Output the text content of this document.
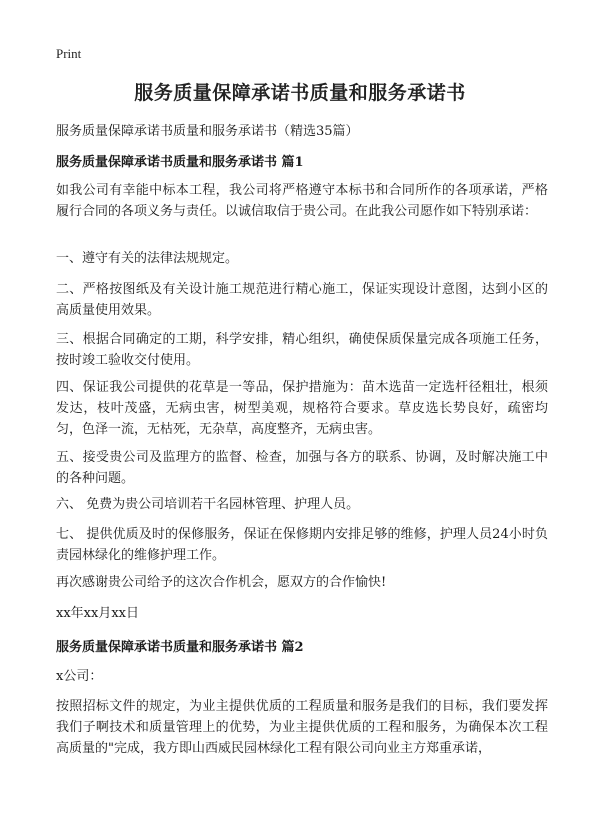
Print
服务质量保障承诺书质量和服务承诺书
服务质量保障承诺书质量和服务承诺书（精选35篇）
服务质量保障承诺书质量和服务承诺书 篇1
如我公司有幸能中标本工程，我公司将严格遵守本标书和合同所作的各项承诺，严格履行合同的各项义务与责任。以诚信取信于贵公司。在此我公司愿作如下特别承诺：
一、遵守有关的法律法规规定。
二、严格按图纸及有关设计施工规范进行精心施工，保证实现设计意图，达到小区的高质量使用效果。
三、根据合同确定的工期，科学安排，精心组织，确使保质保量完成各项施工任务，按时竣工验收交付使用。
四、保证我公司提供的花草是一等品，保护措施为：苗木选苗一定选杆径粗壮，根须发达，枝叶茂盛，无病虫害，树型美观，规格符合要求。草皮选长势良好，疏密均匀，色泽一流，无枯死，无杂草，高度整齐，无病虫害。
五、接受贵公司及监理方的监督、检查，加强与各方的联系、协调，及时解决施工中的各种问题。
六、 免费为贵公司培训若干名园林管理、护理人员。
七、 提供优质及时的保修服务，保证在保修期内安排足够的维修，护理人员24小时负责园林绿化的维修护理工作。
再次感谢贵公司给予的这次合作机会，愿双方的合作愉快!
xx年xx月xx日
服务质量保障承诺书质量和服务承诺书 篇2
x公司：
按照招标文件的规定，为业主提供优质的工程质量和服务是我们的目标，我们要发挥我们子啊技术和质量管理上的优势，为业主提供优质的工程和服务，为确保本次工程高质量的"完成，我方即山西威民园林绿化工程有限公司向业主方郑重承诺，
